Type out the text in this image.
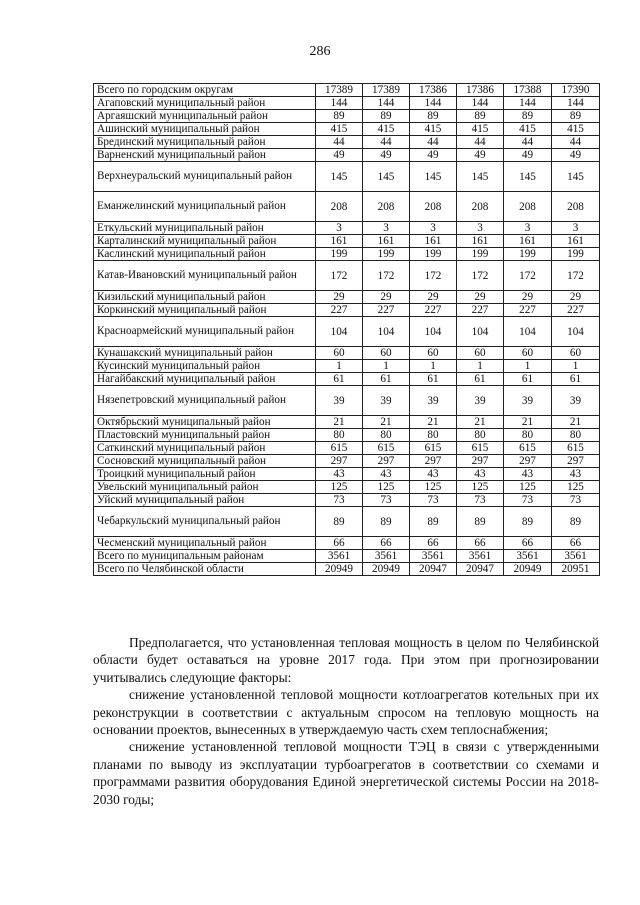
286
Всего по городским округам	17389	17389	17386	17386	17388	17390
Агаповский муниципальный район	144	144	144	144	144	144
Аргаяшский муниципальный район	89	89	89	89	89	89
Ашинский муниципальный район	415	415	415	415	415	415
Брединский муниципальный район	44	44	44	44	44	44
Варненский муниципальный район	49	49	49	49	49	49
Верхнеуральский муниципальный район	145	145	145	145	145	145
Еманжелинский муниципальный район	208	208	208	208	208	208
Еткульский муниципальный район	3	3	3	3	3	3
Карталинский муниципальный район	161	161	161	161	161	161
Каслинский муниципальный район	199	199	199	199	199	199
Катав-Ивановский муниципальный район	172	172	172	172	172	172
Кизильский муниципальный район	29	29	29	29	29	29
Коркинский муниципальный район	227	227	227	227	227	227
Красноармейский муниципальный район	104	104	104	104	104	104
Кунашакский муниципальный район	60	60	60	60	60	60
Кусинский муниципальный район	1	1	1	1	1	1
Нагайбакский муниципальный район	61	61	61	61	61	61
Нязепетровский муниципальный район	39	39	39	39	39	39
Октябрьский муниципальный район	21	21	21	21	21	21
Пластовский муниципальный район	80	80	80	80	80	80
Саткинский муниципальный район	615	615	615	615	615	615
Сосновский муниципальный район	297	297	297	297	297	297
Троицкий муниципальный район	43	43	43	43	43	43
Увельский муниципальный район	125	125	125	125	125	125
Уйский муниципальный район	73	73	73	73	73	73
Чебаркульский муниципальный район	89	89	89	89	89	89
Чесменский муниципальный район	66	66	66	66	66	66
Всего по муниципальным районам	3561	3561	3561	3561	3561	3561
Всего по Челябинской области	20949	20949	20947	20947	20949	20951

Предполагается, что установленная тепловая мощность в целом по Челябинской области будет оставаться на уровне 2017 года. При этом при прогнозировании учитывались следующие факторы:

снижение установленной тепловой мощности котлоагрегатов котельных при их реконструкции в соответствии с актуальным спросом на тепловую мощность на основании проектов, вынесенных в утверждаемую часть схем теплоснабжения;

снижение установленной тепловой мощности ТЭЦ в связи с утвержденными планами по выводу из эксплуатации турбоагрегатов в соответствии со схемами и программами развития оборудования Единой энергетической системы России на 2018-2030 годы;
